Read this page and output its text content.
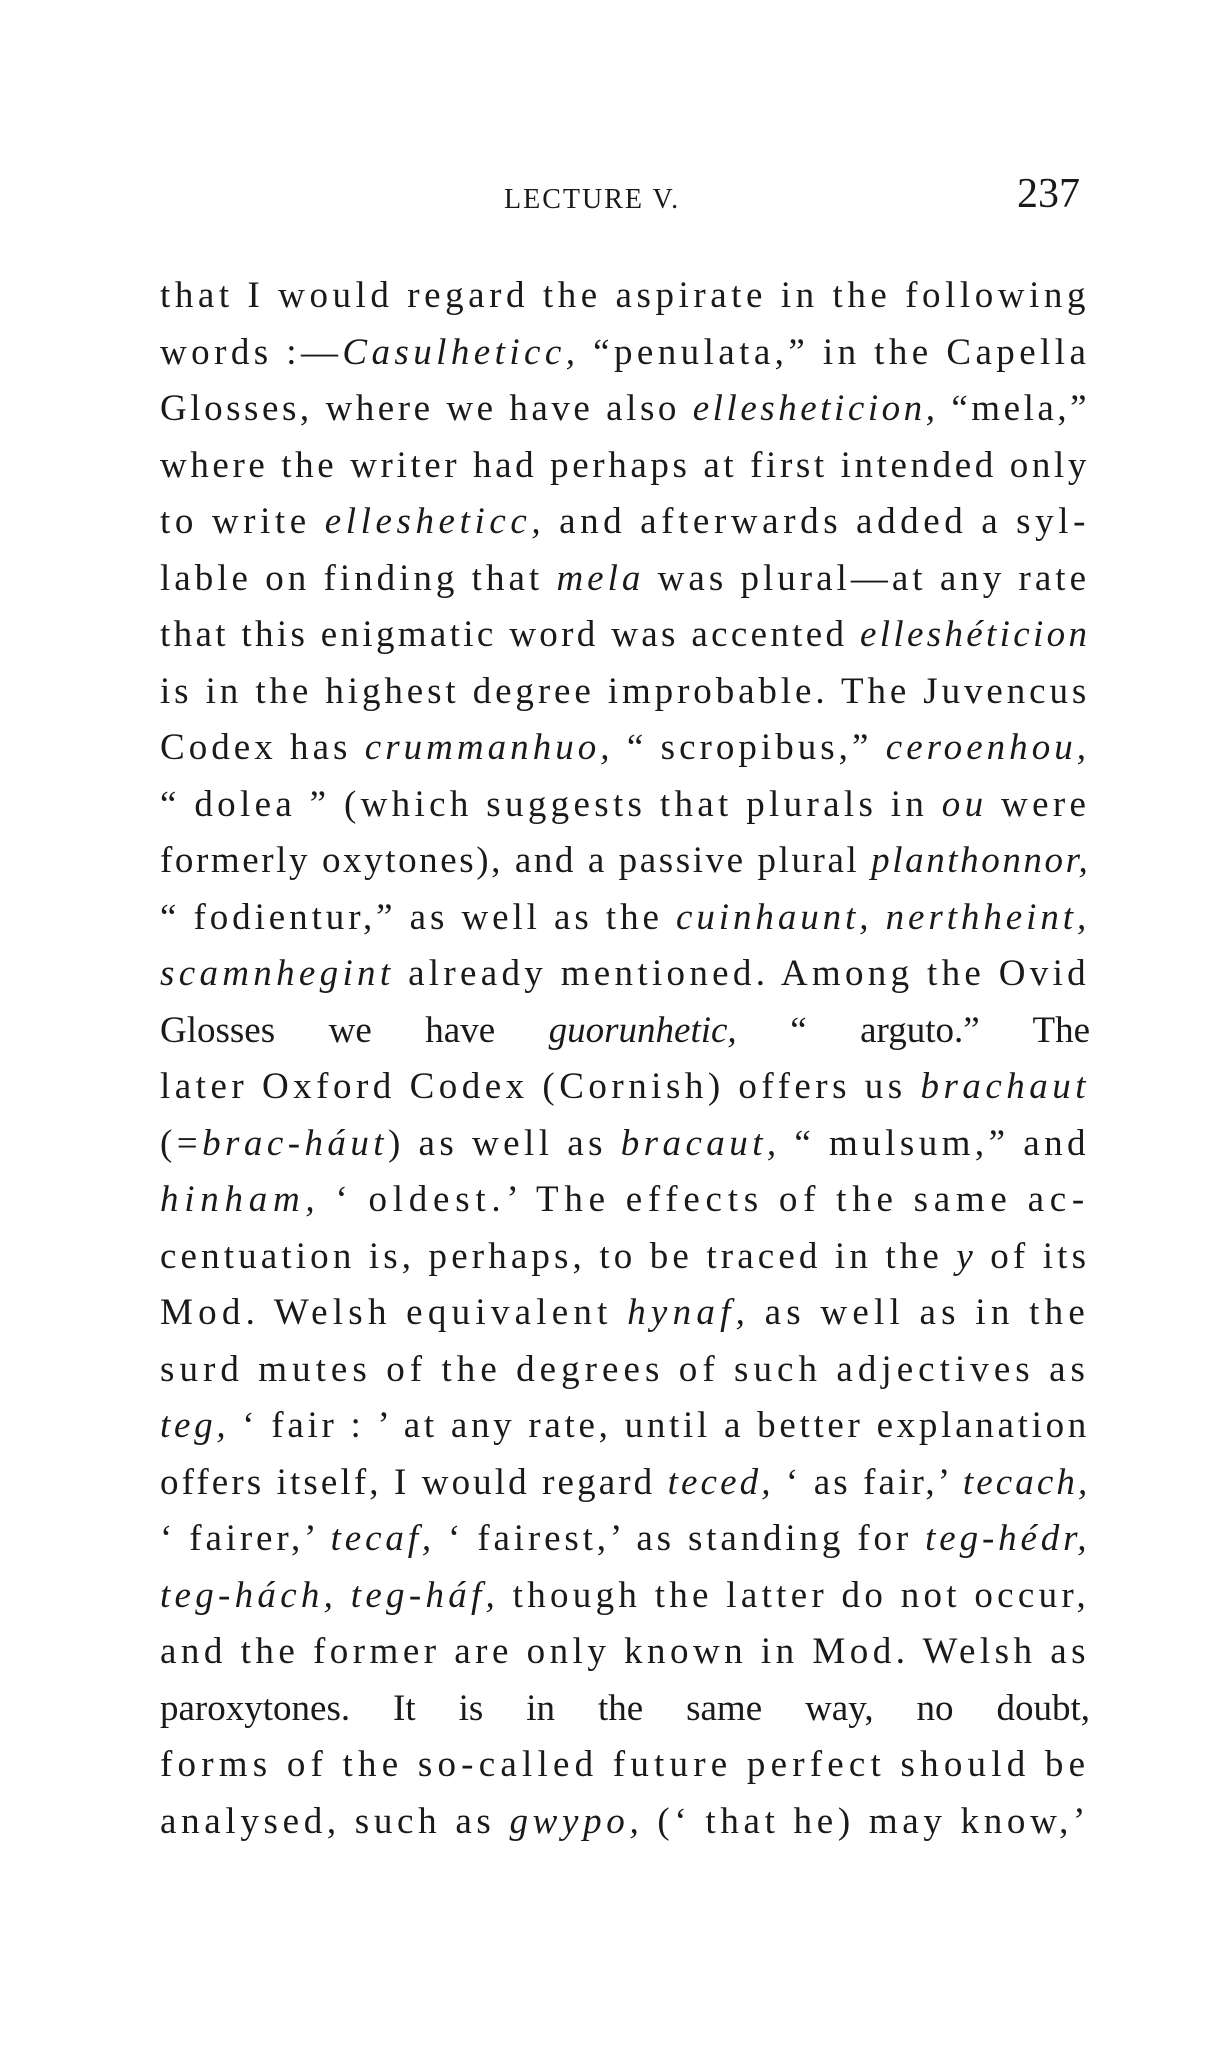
LECTURE V.	237
that I would regard the aspirate in the following
words :—Casulheticc, “penulata,” in the Capella
Glosses, where we have also ellesheticion, “mela,”
where the writer had perhaps at first intended only
to write ellesheticc, and afterwards added a syl-
lable on finding that mela was plural—at any rate
that this enigmatic word was accented elleshéticion
is in the highest degree improbable. The Juvencus
Codex has crummanhuo, “ scropibus,” ceroenhou,
“ dolea ” (which suggests that plurals in ou were
formerly oxytones), and a passive plural planthonnor,
“ fodientur,” as well as the cuinhaunt, nerthheint,
scamnhegint already mentioned. Among the Ovid
Glosses we have guorunhetic, “ arguto.” The
later Oxford Codex (Cornish) offers us brachaut
(=brac-háut) as well as bracaut, “ mulsum,” and
hinham, ‘ oldest.’ The effects of the same ac-
centuation is, perhaps, to be traced in the y of its
Mod. Welsh equivalent hynaf, as well as in the
surd mutes of the degrees of such adjectives as
teg, ‘ fair : ’ at any rate, until a better explanation
offers itself, I would regard teced, ‘ as fair,’ tecach,
‘ fairer,’ tecaf, ‘ fairest,’ as standing for teg-hédr,
teg-hách, teg-háf, though the latter do not occur,
and the former are only known in Mod. Welsh as
paroxytones. It is in the same way, no doubt,
forms of the so-called future perfect should be
analysed, such as gwypo, (‘ that he) may know,’
